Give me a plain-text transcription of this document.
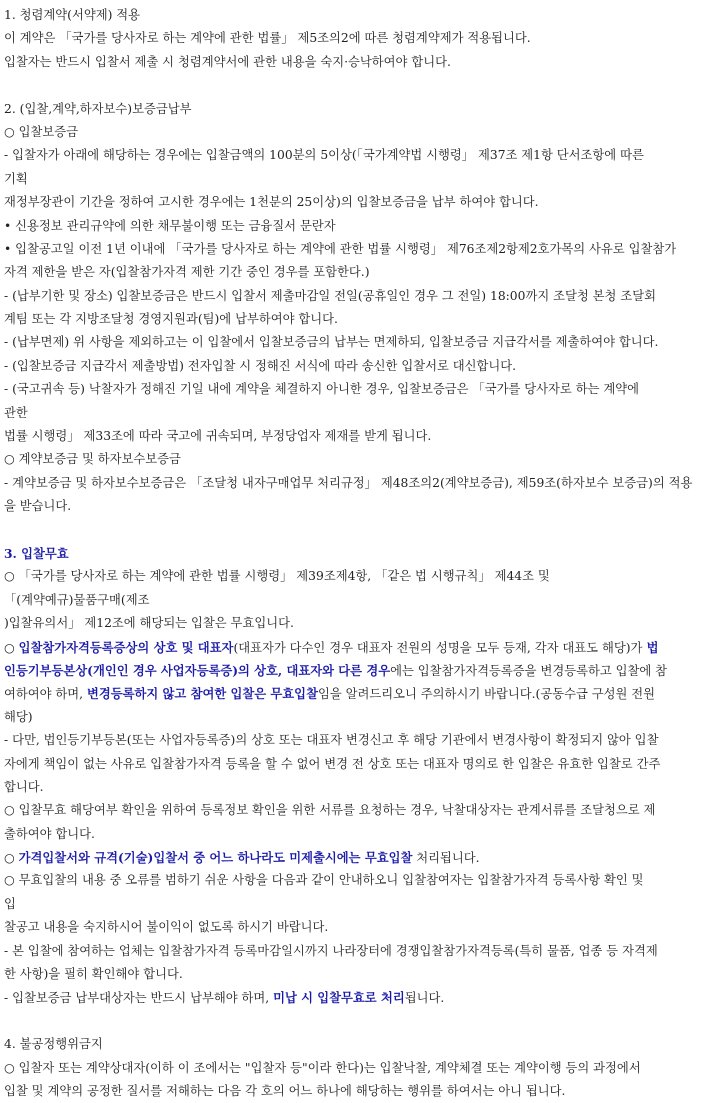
1. 청렴계약(서약제) 적용
이 계약은 「국가를 당사자로 하는 계약에 관한 법률」 제5조의2에 따른 청렴계약제가 적용됩니다.
입찰자는 반드시 입찰서 제출 시 청렴계약서에 관한 내용을 숙지·승낙하여야 합니다.
2. (입찰,계약,하자보수)보증금납부
○ 입찰보증금
- 입찰자가 아래에 해당하는 경우에는 입찰금액의 100분의 5이상(「국가계약법 시행령」 제37조 제1항 단서조항에 따른
기획
재정부장관이 기간을 정하여 고시한 경우에는 1천분의 25이상)의 입찰보증금을 납부 하여야 합니다.
• 신용정보 관리규약에 의한 채무불이행 또는 금융질서 문란자
• 입찰공고일 이전 1년 이내에 「국가를 당사자로 하는 계약에 관한 법률 시행령」 제76조제2항제2호가목의 사유로 입찰참가
자격 제한을 받은 자(입찰참가자격 제한 기간 중인 경우를 포함한다.)
- (납부기한 및 장소) 입찰보증금은 반드시 입찰서 제출마감일 전일(공휴일인 경우 그 전일) 18:00까지 조달청 본청 조달회
계팀 또는 각 지방조달청 경영지원과(팀)에 납부하여야 합니다.
- (납부면제) 위 사항을 제외하고는 이 입찰에서 입찰보증금의 납부는 면제하되, 입찰보증금 지급각서를 제출하여야 합니다.
- (입찰보증금 지급각서 제출방법) 전자입찰 시 정해진 서식에 따라 송신한 입찰서로 대신합니다.
- (국고귀속 등) 낙찰자가 정해진 기일 내에 계약을 체결하지 아니한 경우, 입찰보증금은 「국가를 당사자로 하는 계약에
관한
법률 시행령」 제33조에 따라 국고에 귀속되며, 부정당업자 제재를 받게 됩니다.
○ 계약보증금 및 하자보수보증금
- 계약보증금 및 하자보수보증금은 「조달청 내자구매업무 처리규정」 제48조의2(계약보증금), 제59조(하자보수 보증금)의 적용
을 받습니다.
3. 입찰무효
○ 「국가를 당사자로 하는 계약에 관한 법률 시행령」 제39조제4항, 「같은 법 시행규칙」 제44조 및
「(계약예규)물품구매(제조
)입찰유의서」 제12조에 해당되는 입찰은 무효입니다.
○ 입찰참가자격등록증상의 상호 및 대표자(대표자가 다수인 경우 대표자 전원의 성명을 모두 등재, 각자 대표도 해당)가 법
인등기부등본상(개인인 경우 사업자등록증)의 상호, 대표자와 다른 경우에는 입찰참가자격등록증을 변경등록하고 입찰에 참
여하여야 하며, 변경등록하지 않고 참여한 입찰은 무효입찰임을 알려드리오니 주의하시기 바랍니다.(공동수급 구성원 전원
해당)
- 다만, 법인등기부등본(또는 사업자등록증)의 상호 또는 대표자 변경신고 후 해당 기관에서 변경사항이 확정되지 않아 입찰
자에게 책임이 없는 사유로 입찰참가자격 등록을 할 수 없어 변경 전 상호 또는 대표자 명의로 한 입찰은 유효한 입찰로 간주
합니다.
○ 입찰무효 해당여부 확인을 위하여 등록정보 확인을 위한 서류를 요청하는 경우, 낙찰대상자는 관계서류를 조달청으로 제
출하여야 합니다.
○ 가격입찰서와 규격(기술)입찰서 중 어느 하나라도 미제출시에는 무효입찰 처리됩니다.
○ 무효입찰의 내용 중 오류를 범하기 쉬운 사항을 다음과 같이 안내하오니 입찰참여자는 입찰참가자격 등록사항 확인 및
입
찰공고 내용을 숙지하시어 불이익이 없도록 하시기 바랍니다.
- 본 입찰에 참여하는 업체는 입찰참가자격 등록마감일시까지 나라장터에 경쟁입찰참가자격등록(특히 물품, 업종 등 자격제
한 사항)을 필히 확인해야 합니다.
- 입찰보증금 납부대상자는 반드시 납부해야 하며, 미납 시 입찰무효로 처리됩니다.
4. 불공정행위금지
○ 입찰자 또는 계약상대자(이하 이 조에서는 "입찰자 등"이라 한다)는 입찰낙찰, 계약체결 또는 계약이행 등의 과정에서
입찰 및 계약의 공정한 질서를 저해하는 다음 각 호의 어느 하나에 해당하는 행위를 하여서는 아니 됩니다.
